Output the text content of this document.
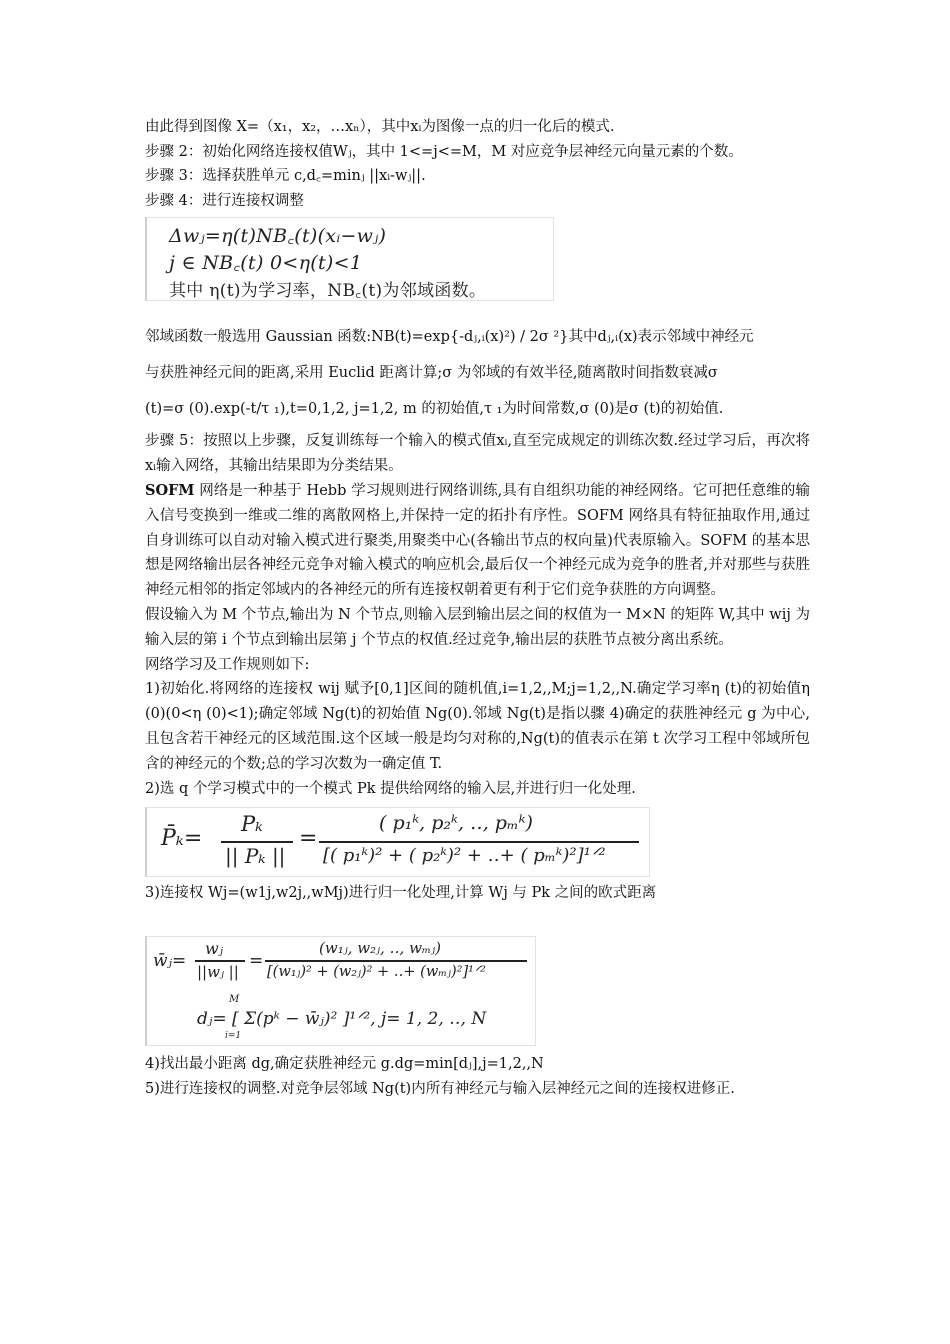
由此得到图像 X=（x₁，x₂，…xₙ），其中xᵢ为图像一点的归一化后的模式.

步骤 2：初始化网络连接权值Wⱼ，其中 1<=j<=M，M 对应竞争层神经元向量元素的个数。

步骤 3：选择获胜单元 c,d꜀=minⱼ ||xᵢ-wⱼ||.

步骤 4：进行连接权调整

Δwⱼ=η(t)NB꜀(t)(xᵢ−wⱼ)
j ∈ NB꜀(t) 0<η(t)<1
其中 η(t)为学习率，NB꜀(t)为邻域函数。

邻域函数一般选用 Gaussian 函数:NB(t)=exp{-dⱼ,ᵢ(x)²) / 2σ ²}其中dⱼ,ᵢ(x)表示邻域中神经元

与获胜神经元间的距离,采用 Euclid 距离计算;σ 为邻域的有效半径,随离散时间指数衰减σ

(t)=σ (0).exp(-t/τ ₁),t=0,1,2, j=1,2, m 的初始值,τ ₁为时间常数,σ (0)是σ (t)的初始值.

步骤 5：按照以上步骤，反复训练每一个输入的模式值xᵢ,直至完成规定的训练次数.经过学习后，再次将xᵢ输入网络，其输出结果即为分类结果。

SOFM 网络是一种基于 Hebb 学习规则进行网络训练,具有自组织功能的神经网络。它可把任意维的输入信号变换到一维或二维的离散网格上,并保持一定的拓扑有序性。SOFM 网络具有特征抽取作用,通过自身训练可以自动对输入模式进行聚类,用聚类中心(各输出节点的权向量)代表原输入。SOFM 的基本思想是网络输出层各神经元竞争对输入模式的响应机会,最后仅一个神经元成为竞争的胜者,并对那些与获胜神经元相邻的指定邻域内的各神经元的所有连接权朝着更有利于它们竞争获胜的方向调整。

假设输入为 M 个节点,输出为 N 个节点,则输入层到输出层之间的权值为一 M×N 的矩阵 W,其中 wij 为输入层的第 i 个节点到输出层第 j 个节点的权值.经过竞争,输出层的获胜节点被分离出系统。

网络学习及工作规则如下:

1)初始化.将网络的连接权 wij 赋予[0,1]区间的随机值,i=1,2,,M;j=1,2,,N.确定学习率η (t)的初始值η (0)(0<η (0)<1);确定邻域 Ng(t)的初始值 Ng(0).邻域 Ng(t)是指以骤 4)确定的获胜神经元 g 为中心,且包含若干神经元的区域范围.这个区域一般是均匀对称的,Ng(t)的值表示在第 t 次学习工程中邻域所包含的神经元的个数;总的学习次数为一确定值 T.

2)选 q 个学习模式中的一个模式 Pk 提供给网络的输入层,并进行归一化处理.

P̄ₖ=
Pₖ
|| Pₖ ||
=
( p₁ᵏ, p₂ᵏ, ‥, pₘᵏ)
[( p₁ᵏ)² + ( p₂ᵏ)² + ‥+ ( pₘᵏ)²]¹ᐟ²

3)连接权 Wj=(w1j,w2j,,wMj)进行归一化处理,计算 Wj 与 Pk 之间的欧式距离

w̄ⱼ=
wⱼ
||wⱼ ||
=
(w₁ⱼ, w₂ⱼ, ‥, wₘⱼ)
[(w₁ⱼ)² + (w₂ⱼ)² + ‥+ (wₘⱼ)²]¹ᐟ²
M
i=1
dⱼ= [ Σ(pᵏ − w̄ⱼ)² ]¹ᐟ², j= 1, 2, ‥, N

4)找出最小距离 dg,确定获胜神经元 g.dg=min[dⱼ],j=1,2,,N

5)进行连接权的调整.对竞争层邻域 Ng(t)内所有神经元与输入层神经元之间的连接权进修正.
